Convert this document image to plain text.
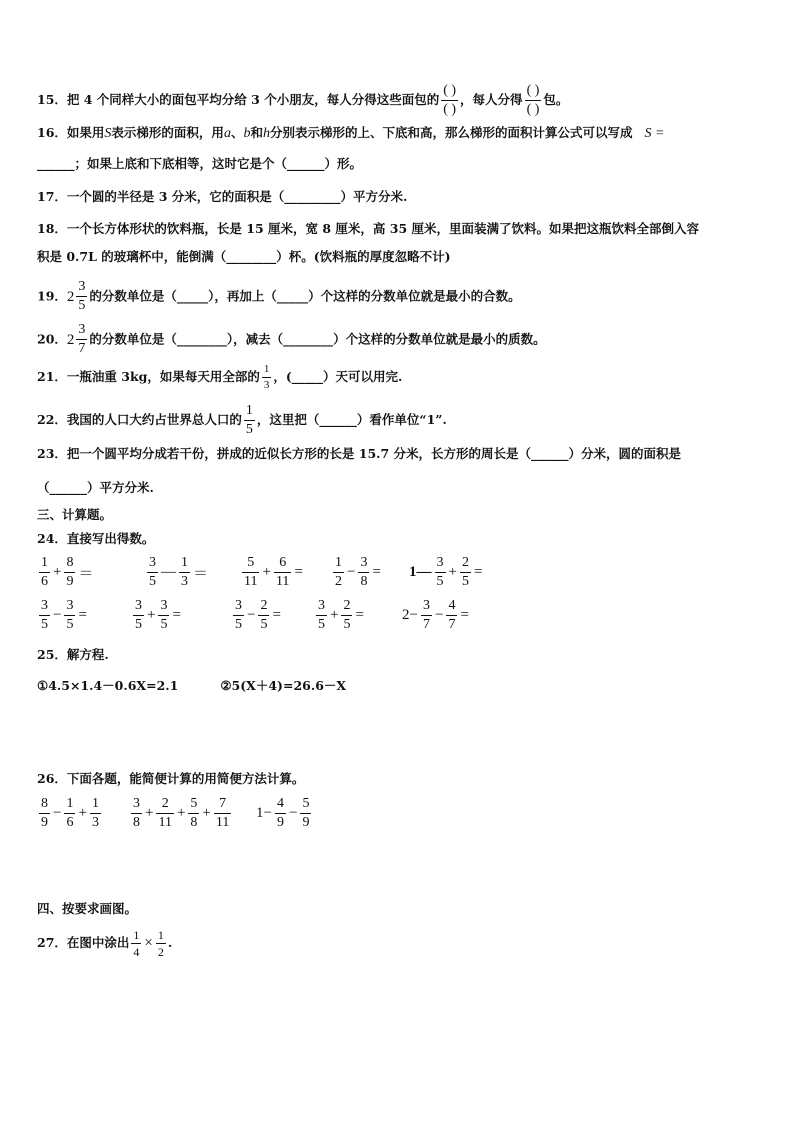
15．把 4 个同样大小的面包平均分给 3 个小朋友，每人分得这些面包的
( )
( )
，每人分得
( )
( )
包。
16．如果用S表示梯形的面积，用a、b和h分别表示梯形的上、下底和高，那么梯形的面积计算公式可以写成 S =
______；如果上底和下底相等，这时它是个（______）形。
17．一个圆的半径是 3 分米，它的面积是（_________）平方分米.
18．一个长方体形状的饮料瓶，长是 15 厘米，宽 8 厘米，高 35 厘米，里面装满了饮料。如果把这瓶饮料全部倒入容
积是 0.7L 的玻璃杯中，能倒满（________）杯。(饮料瓶的厚度忽略不计)
19． 2
3
5
的分数单位是（_____），再加上（_____）个这样的分数单位就是最小的合数。
20． 2
3
7
的分数单位是（________），减去（________）个这样的分数单位就是最小的质数。
21．一瓶油重 3kg，如果每天用全部的 $\frac{1}{3}$ ，(_____）天可以用完.
22．我国的人口大约占世界总人口的 $\frac{1}{5}$ ，这里把（______）看作单位“1”.
23．把一个圆平均分成若干份，拼成的近似长方形的长是 15.7 分米，长方形的周长是（______）分米，圆的面积是
（______）平方分米.
三、计算题。
24．直接写出得数。
1
6
+ $\frac{8}{9}$ ＝
3
5
—
1
3 ＝
5
11
+ $\frac{6}{11}$ =
1
2
− $\frac{3}{8}$ = 1—
3
5
+ $\frac{2}{5}$ =
3
5
− $\frac{3}{5}$ =
3
5
+ $\frac{3}{5}$ =
3
5
− $\frac{2}{5}$ =
3
5
+ $\frac{2}{5}$ =	$2- \frac{3}{7} - \frac{4}{7}$ =
25．解方程.
①4.5×1.4－0.6X=2.1	②5(X＋4)=26.6－X
26．下面各题，能简便计算的用简便方法计算。
8
9
− $\frac{1}{6} + \frac{1}{3} 3$
8
+ $\frac{2}{11} + \frac{5}{8} + \frac{7}{11} 1- \frac{4}{9} - \frac{5}{9}$
四、按要求画图。
27．在图中涂出 $\frac{1}{4} \times \frac{1}{2}$ .
